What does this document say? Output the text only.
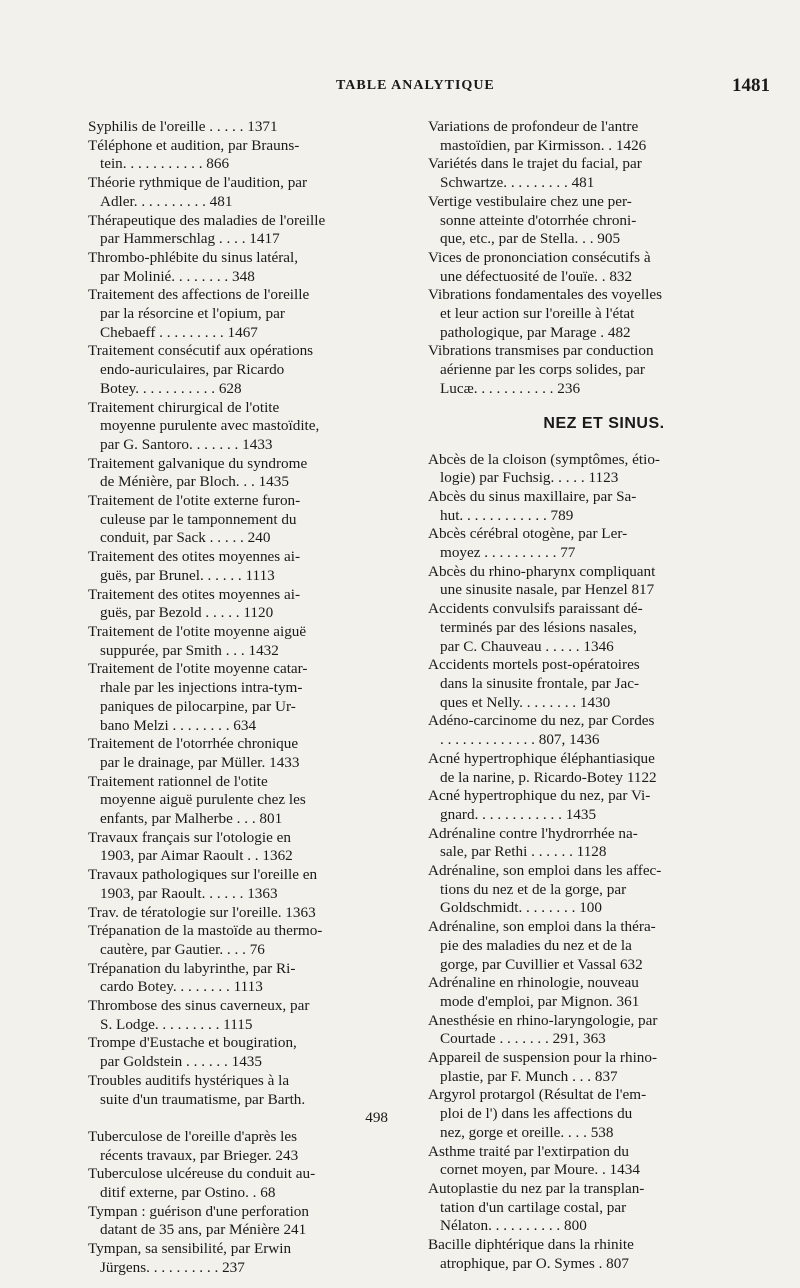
TABLE ANALYTIQUE	1481
Syphilis de l'oreille . . . . . 1371
Téléphone et audition, par Brauns-
tein. . . . . . . . . . . 866
Théorie rythmique de l'audition, par
Adler. . . . . . . . . . 481
Thérapeutique des maladies de l'oreille
par Hammerschlag . . . . 1417
Thrombo-phlébite du sinus latéral,
par Molinié. . . . . . . . 348
Traitement des affections de l'oreille
par la résorcine et l'opium, par
Chebaeff . . . . . . . . . 1467
Traitement consécutif aux opérations
endo-auriculaires, par Ricardo
Botey. . . . . . . . . . . 628
Traitement chirurgical de l'otite
moyenne purulente avec mastoïdite,
par G. Santoro. . . . . . . 1433
Traitement galvanique du syndrome
de Ménière, par Bloch. . . 1435
Traitement de l'otite externe furon-
culeuse par le tamponnement du
conduit, par Sack . . . . . 240
Traitement des otites moyennes ai-
guës, par Brunel. . . . . . 1113
Traitement des otites moyennes ai-
guës, par Bezold . . . . . 1120
Traitement de l'otite moyenne aiguë
suppurée, par Smith . . . 1432
Traitement de l'otite moyenne catar-
rhale par les injections intra-tym-
paniques de pilocarpine, par Ur-
bano Melzi . . . . . . . . 634
Traitement de l'otorrhée chronique
par le drainage, par Müller. 1433
Traitement rationnel de l'otite
moyenne aiguë purulente chez les
enfants, par Malherbe . . . 801
Travaux français sur l'otologie en
1903, par Aimar Raoult . . 1362
Travaux pathologiques sur l'oreille en
1903, par Raoult. . . . . . 1363
Trav. de tératologie sur l'oreille. 1363
Trépanation de la mastoïde au thermo-
cautère, par Gautier. . . . 76
Trépanation du labyrinthe, par Ri-
cardo Botey. . . . . . . . 1113
Thrombose des sinus caverneux, par
S. Lodge. . . . . . . . . 1115
Trompe d'Eustache et bougiration,
par Goldstein . . . . . . 1435
Troubles auditifs hystériques à la
suite d'un traumatisme, par Barth.
498
Tuberculose de l'oreille d'après les
récents travaux, par Brieger. 243
Tuberculose ulcéreuse du conduit au-
ditif externe, par Ostino. . 68
Tympan : guérison d'une perforation
datant de 35 ans, par Ménière 241
Tympan, sa sensibilité, par Erwin
Jürgens. . . . . . . . . . 237
Variations de profondeur de l'antre
mastoïdien, par Kirmisson. . 1426
Variétés dans le trajet du facial, par
Schwartze. . . . . . . . . 481
Vertige vestibulaire chez une per-
sonne atteinte d'otorrhée chroni-
que, etc., par de Stella. . . 905
Vices de prononciation consécutifs à
une défectuosité de l'ouïe. . 832
Vibrations fondamentales des voyelles
et leur action sur l'oreille à l'état
pathologique, par Marage . 482
Vibrations transmises par conduction
aérienne par les corps solides, par
Lucæ. . . . . . . . . . . 236
NEZ ET SINUS.
Abcès de la cloison (symptômes, étio-
logie) par Fuchsig. . . . . 1123
Abcès du sinus maxillaire, par Sa-
hut. . . . . . . . . . . . 789
Abcès cérébral otogène, par Ler-
moyez . . . . . . . . . . 77
Abcès du rhino-pharynx compliquant
une sinusite nasale, par Henzel 817
Accidents convulsifs paraissant dé-
terminés par des lésions nasales,
par C. Chauveau . . . . . 1346
Accidents mortels post-opératoires
dans la sinusite frontale, par Jac-
ques et Nelly. . . . . . . . 1430
Adéno-carcinome du nez, par Cordes
. . . . . . . . . . . . . 807, 1436
Acné hypertrophique éléphantiasique
de la narine, p. Ricardo-Botey 1122
Acné hypertrophique du nez, par Vi-
gnard. . . . . . . . . . . . 1435
Adrénaline contre l'hydrorrhée na-
sale, par Rethi . . . . . . 1128
Adrénaline, son emploi dans les affec-
tions du nez et de la gorge, par
Goldschmidt. . . . . . . . 100
Adrénaline, son emploi dans la théra-
pie des maladies du nez et de la
gorge, par Cuvillier et Vassal 632
Adrénaline en rhinologie, nouveau
mode d'emploi, par Mignon. 361
Anesthésie en rhino-laryngologie, par
Courtade . . . . . . . 291, 363
Appareil de suspension pour la rhino-
plastie, par F. Munch . . . 837
Argyrol protargol (Résultat de l'em-
ploi de l') dans les affections du
nez, gorge et oreille. . . . 538
Asthme traité par l'extirpation du
cornet moyen, par Moure. . 1434
Autoplastie du nez par la transplan-
tation d'un cartilage costal, par
Nélaton. . . . . . . . . . 800
Bacille diphtérique dans la rhinite
atrophique, par O. Symes . 807
